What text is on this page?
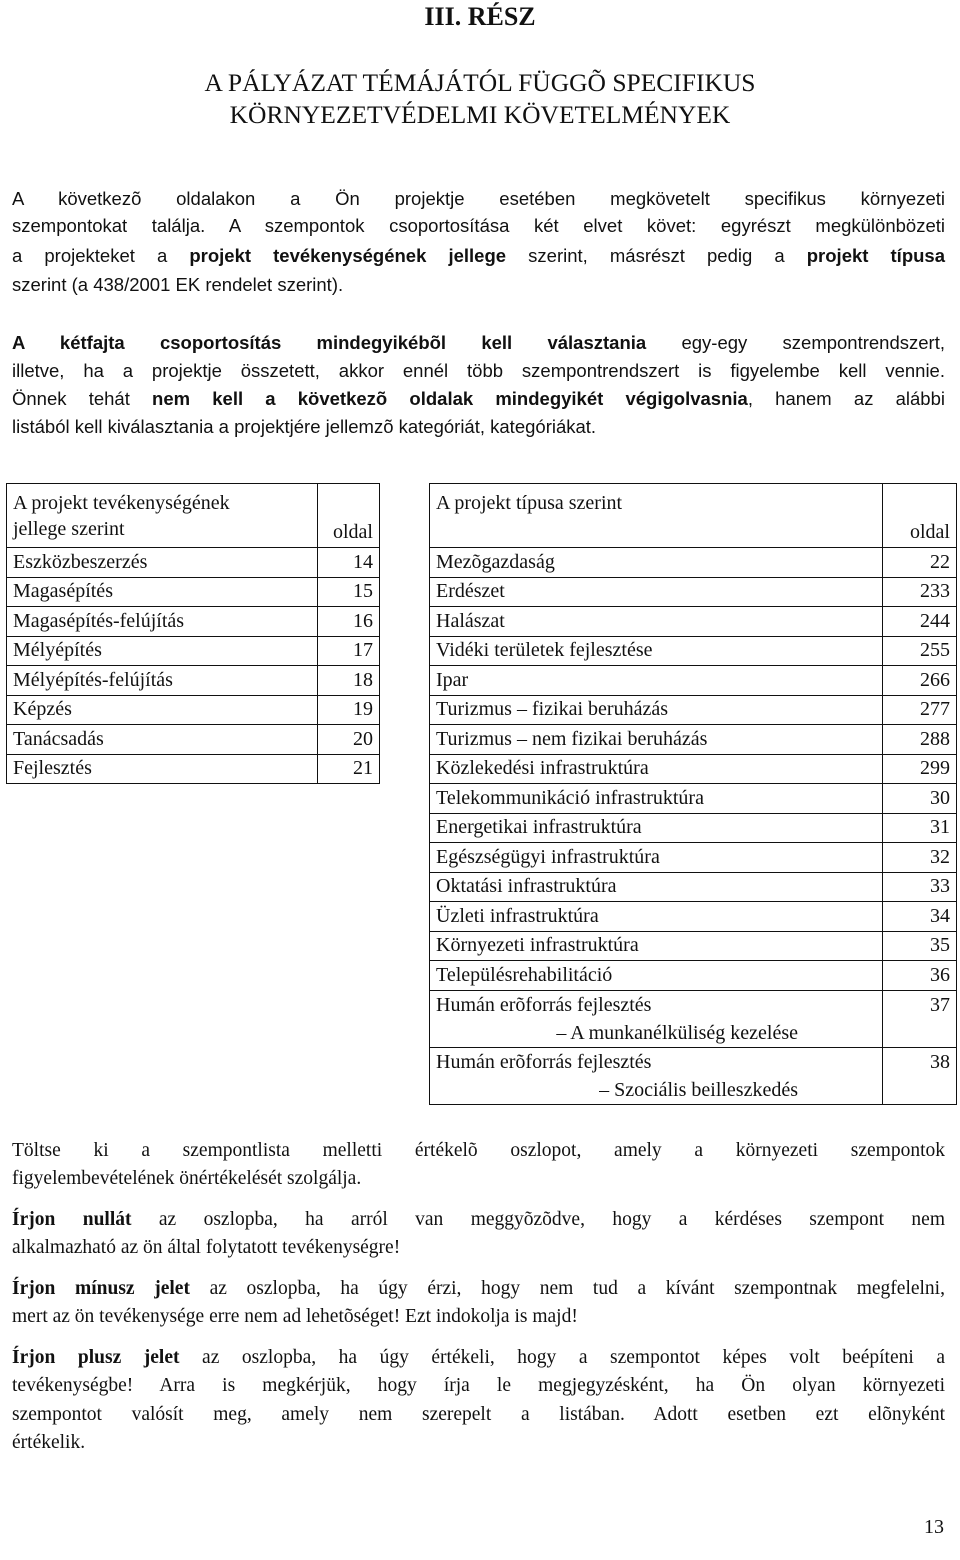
III. RÉSZ
A PÁLYÁZAT TÉMÁJÁTÓL FÜGGÕ SPECIFIKUS
KÖRNYEZETVÉDELMI KÖVETELMÉNYEK
A következõ oldalakon a Ön projektje esetében megkövetelt specifikus környezeti
szempontokat találja. A szempontok csoportosítása két elvet követ: egyrészt megkülönbözeti
a projekteket a projekt tevékenységének jellege szerint, másrészt pedig a projekt típusa
szerint (a 438/2001 EK rendelet szerint).
A kétfajta csoportosítás mindegyikébõl kell választania egy-egy szempontrendszert,
illetve, ha a projektje összetett, akkor ennél több szempontrendszert is figyelembe kell vennie.
Önnek tehát nem kell a következõ oldalak mindegyikét végigolvasnia, hanem az alábbi
listából kell kiválasztania a projektjére jellemzõ kategóriát, kategóriákat.
A projekt tevékenységének
jellege szerint	oldal
Eszközbeszerzés	14
Magasépítés	15
Magasépítés-felújítás	16
Mélyépítés	17
Mélyépítés-felújítás	18
Képzés	19
Tanácsadás	20
Fejlesztés	21
A projekt típusa szerint	oldal
Mezõgazdaság	22
Erdészet	233
Halászat	244
Vidéki területek fejlesztése	255
Ipar	266
Turizmus – fizikai beruházás	277
Turizmus – nem fizikai beruházás	288
Közlekedési infrastruktúra	299
Telekommunikáció infrastruktúra	30
Energetikai infrastruktúra	31
Egészségügyi infrastruktúra	32
Oktatási infrastruktúra	33
Üzleti infrastruktúra	34
Környezeti infrastruktúra	35
Településrehabilitáció	36
Humán erõforrás fejlesztés
– A munkanélküliség kezelése	37
Humán erõforrás fejlesztés
– Szociális beilleszkedés	38
Töltse ki a szempontlista melletti értékelõ oszlopot, amely a környezeti szempontok
figyelembevételének önértékelését szolgálja.
Írjon nullát az oszlopba, ha arról van meggyõzõdve, hogy a kérdéses szempont nem
alkalmazható az ön által folytatott tevékenységre!
Írjon mínusz jelet az oszlopba, ha úgy érzi, hogy nem tud a kívánt szempontnak megfelelni,
mert az ön tevékenysége erre nem ad lehetõséget! Ezt indokolja is majd!
Írjon plusz jelet az oszlopba, ha úgy értékeli, hogy a szempontot képes volt beépíteni a
tevékenységbe! Arra is megkérjük, hogy írja le megjegyzésként, ha Ön olyan környezeti
szempontot valósít meg, amely nem szerepelt a listában. Adott esetben ezt elõnyként
értékelik.
13
